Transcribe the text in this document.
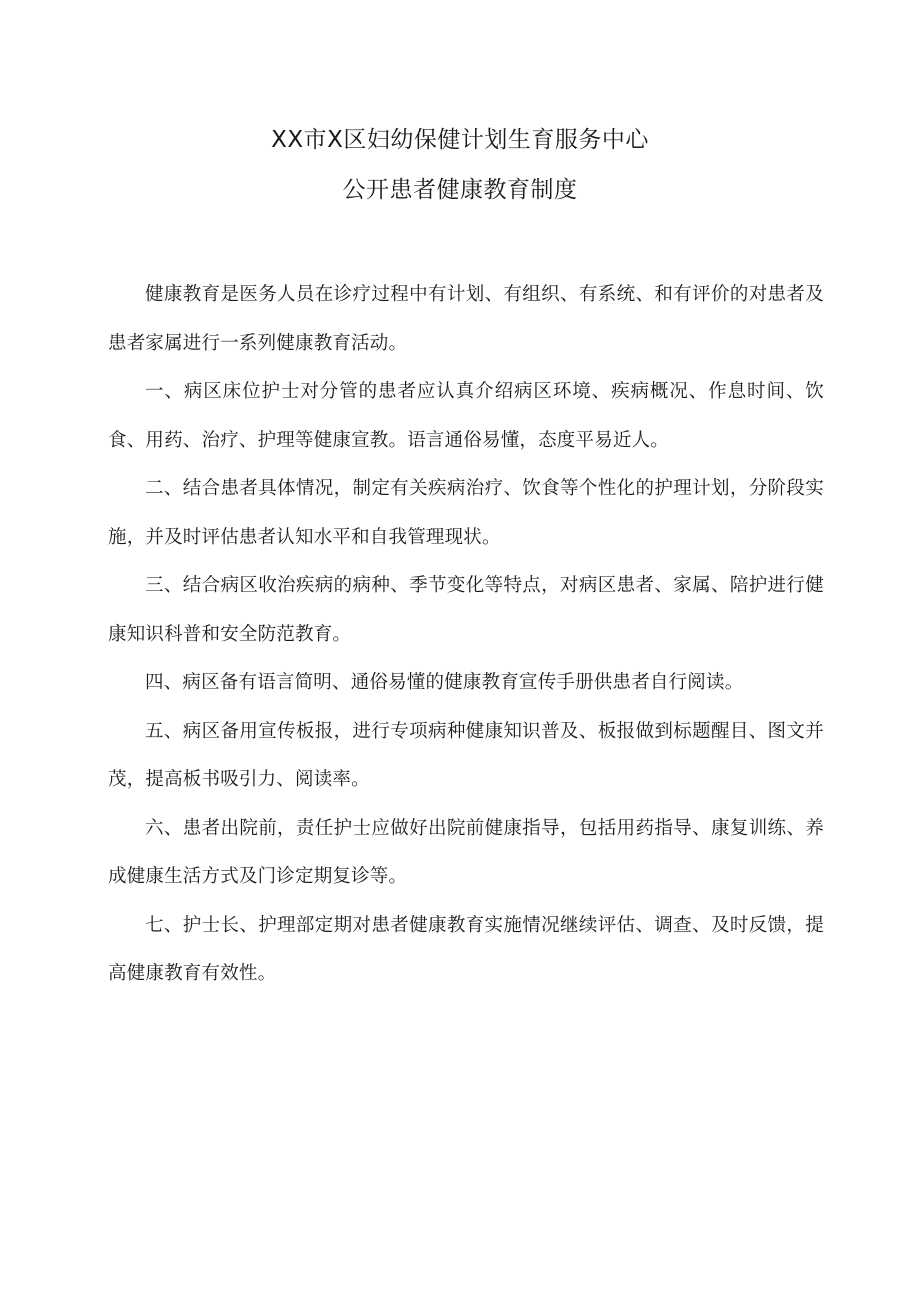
XX市X区妇幼保健计划生育服务中心
公开患者健康教育制度

健康教育是医务人员在诊疗过程中有计划、有组织、有系统、和有评价的对患者及患者家属进行一系列健康教育活动。

一、病区床位护士对分管的患者应认真介绍病区环境、疾病概况、作息时间、饮食、用药、治疗、护理等健康宣教。语言通俗易懂，态度平易近人。

二、结合患者具体情况，制定有关疾病治疗、饮食等个性化的护理计划，分阶段实施，并及时评估患者认知水平和自我管理现状。

三、结合病区收治疾病的病种、季节变化等特点，对病区患者、家属、陪护进行健康知识科普和安全防范教育。

四、病区备有语言简明、通俗易懂的健康教育宣传手册供患者自行阅读。

五、病区备用宣传板报，进行专项病种健康知识普及、板报做到标题醒目、图文并茂，提高板书吸引力、阅读率。

六、患者出院前，责任护士应做好出院前健康指导，包括用药指导、康复训练、养成健康生活方式及门诊定期复诊等。

七、护士长、护理部定期对患者健康教育实施情况继续评估、调查、及时反馈，提高健康教育有效性。
